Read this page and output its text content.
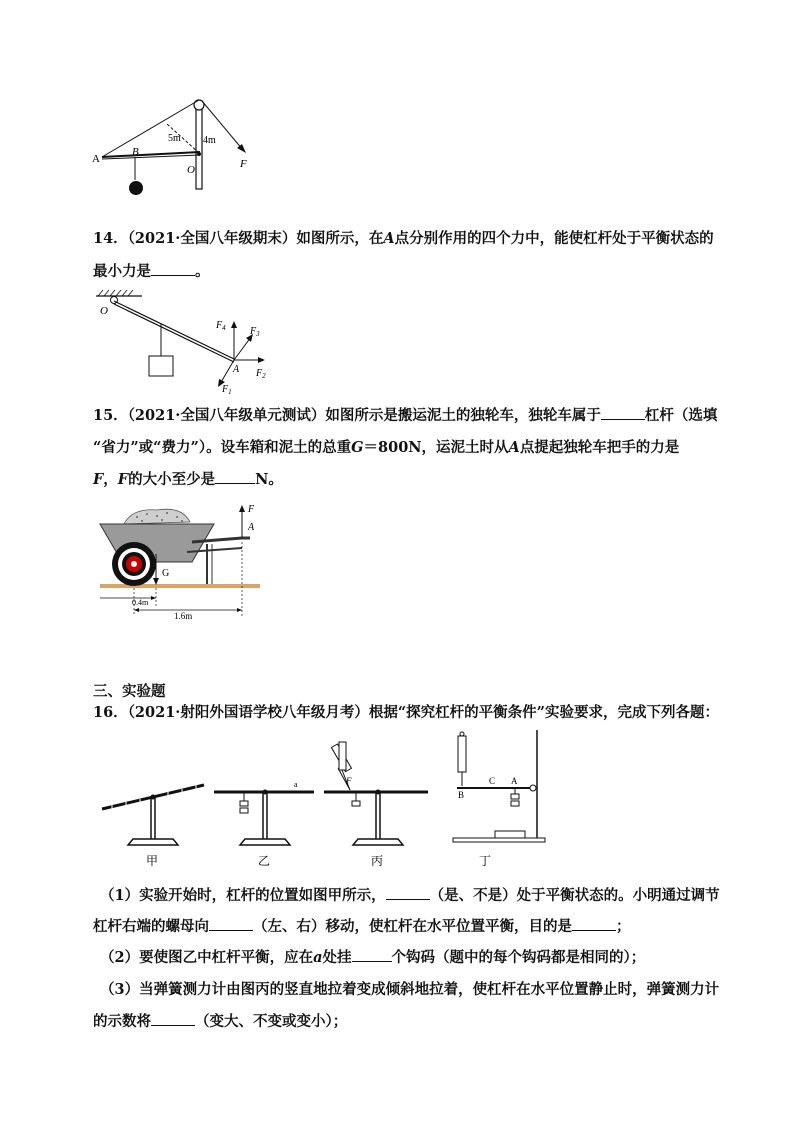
A
B
O	F
5m 4m
14．（2021·全国八年级期末）如图所示，在A点分别作用的四个力中，能使杠杆处于平衡状态的
最小力是	。
O
A
$F_4$ $F_3$
$F_2$
$F_1$
15．（2021·全国八年级单元测试）如图所示是搬运泥土的独轮车，独轮车属于	杠杆（选填
“省力”或“费力”）。设车箱和泥土的总重G＝800N，运泥土时从A点提起独轮车把手的力是
F，F的大小至少是	N。
G
F
A
0.4m
1.6m
三、实验题
16．（2021·射阳外国语学校八年级月考）根据“探究杠杆的平衡条件”实验要求，完成下列各题：
甲
a
乙
F
丙
B
C A
丁
（1）实验开始时，杠杆的位置如图甲所示，	（是、不是）处于平衡状态的。小明通过调节
杠杆右端的螺母向	（左、右）移动，使杠杆在水平位置平衡，目的是	；
（2）要使图乙中杠杆平衡，应在a处挂	个钩码（题中的每个钩码都是相同的）；
（3）当弹簧测力计由图丙的竖直地拉着变成倾斜地拉着，使杠杆在水平位置静止时，弹簧测力计
的示数将	（变大、不变或变小）；
